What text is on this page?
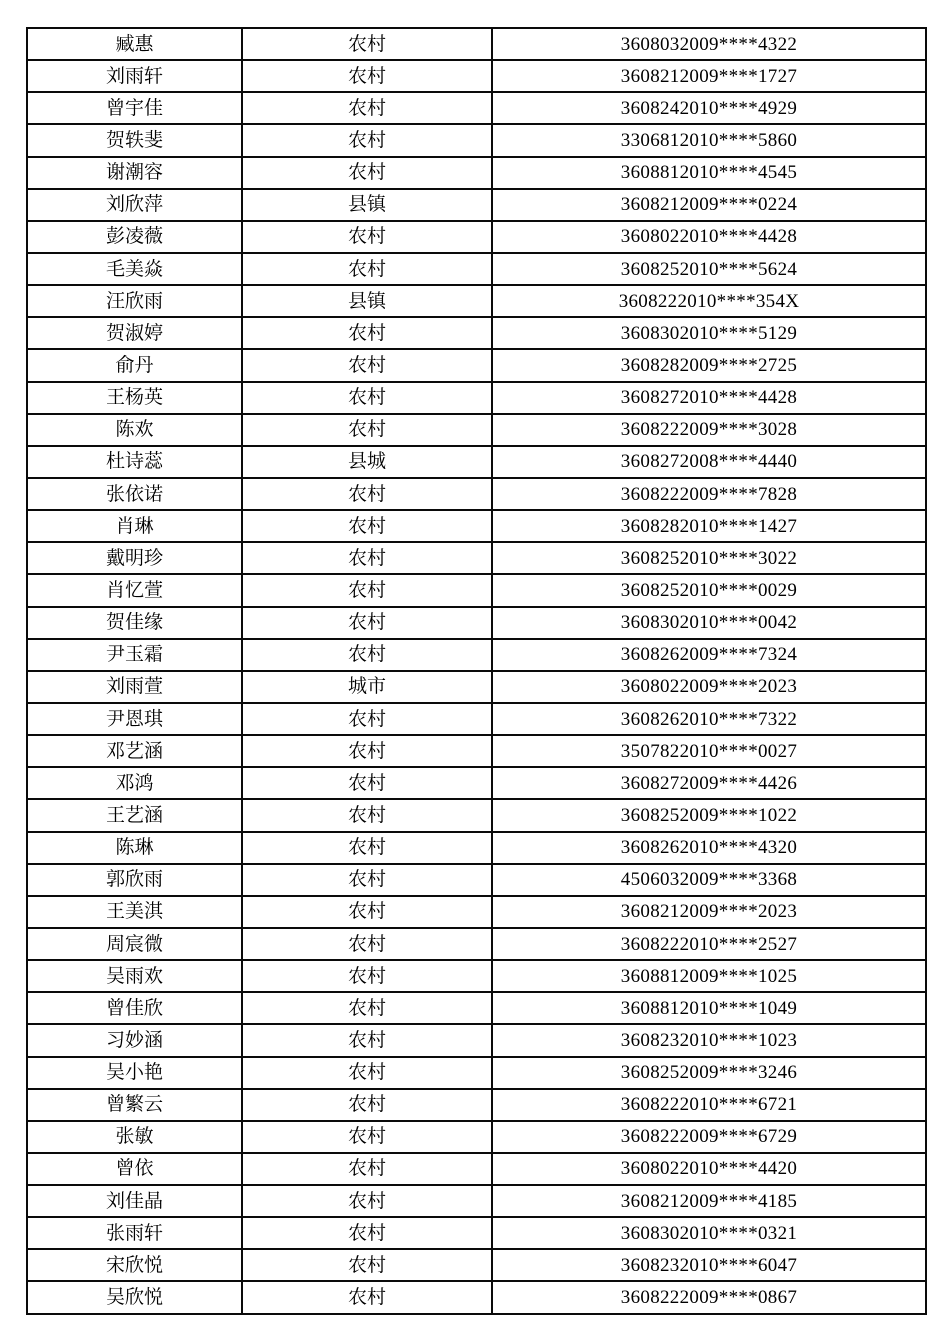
臧惠	农村	3608032009****4322
刘雨轩	农村	3608212009****1727
曾宇佳	农村	3608242010****4929
贺轶斐	农村	3306812010****5860
谢潮容	农村	3608812010****4545
刘欣萍	县镇	3608212009****0224
彭凌薇	农村	3608022010****4428
毛美焱	农村	3608252010****5624
汪欣雨	县镇	3608222010****354X
贺淑婷	农村	3608302010****5129
俞丹	农村	3608282009****2725
王杨英	农村	3608272010****4428
陈欢	农村	3608222009****3028
杜诗蕊	县城	3608272008****4440
张依诺	农村	3608222009****7828
肖琳	农村	3608282010****1427
戴明珍	农村	3608252010****3022
肖忆萱	农村	3608252010****0029
贺佳缘	农村	3608302010****0042
尹玉霜	农村	3608262009****7324
刘雨萱	城市	3608022009****2023
尹恩琪	农村	3608262010****7322
邓艺涵	农村	3507822010****0027
邓鸿	农村	3608272009****4426
王艺涵	农村	3608252009****1022
陈琳	农村	3608262010****4320
郭欣雨	农村	4506032009****3368
王美淇	农村	3608212009****2023
周宸微	农村	3608222010****2527
吴雨欢	农村	3608812009****1025
曾佳欣	农村	3608812010****1049
习妙涵	农村	3608232010****1023
吴小艳	农村	3608252009****3246
曾繁云	农村	3608222010****6721
张敏	农村	3608222009****6729
曾依	农村	3608022010****4420
刘佳晶	农村	3608212009****4185
张雨轩	农村	3608302010****0321
宋欣悦	农村	3608232010****6047
吴欣悦	农村	3608222009****0867
